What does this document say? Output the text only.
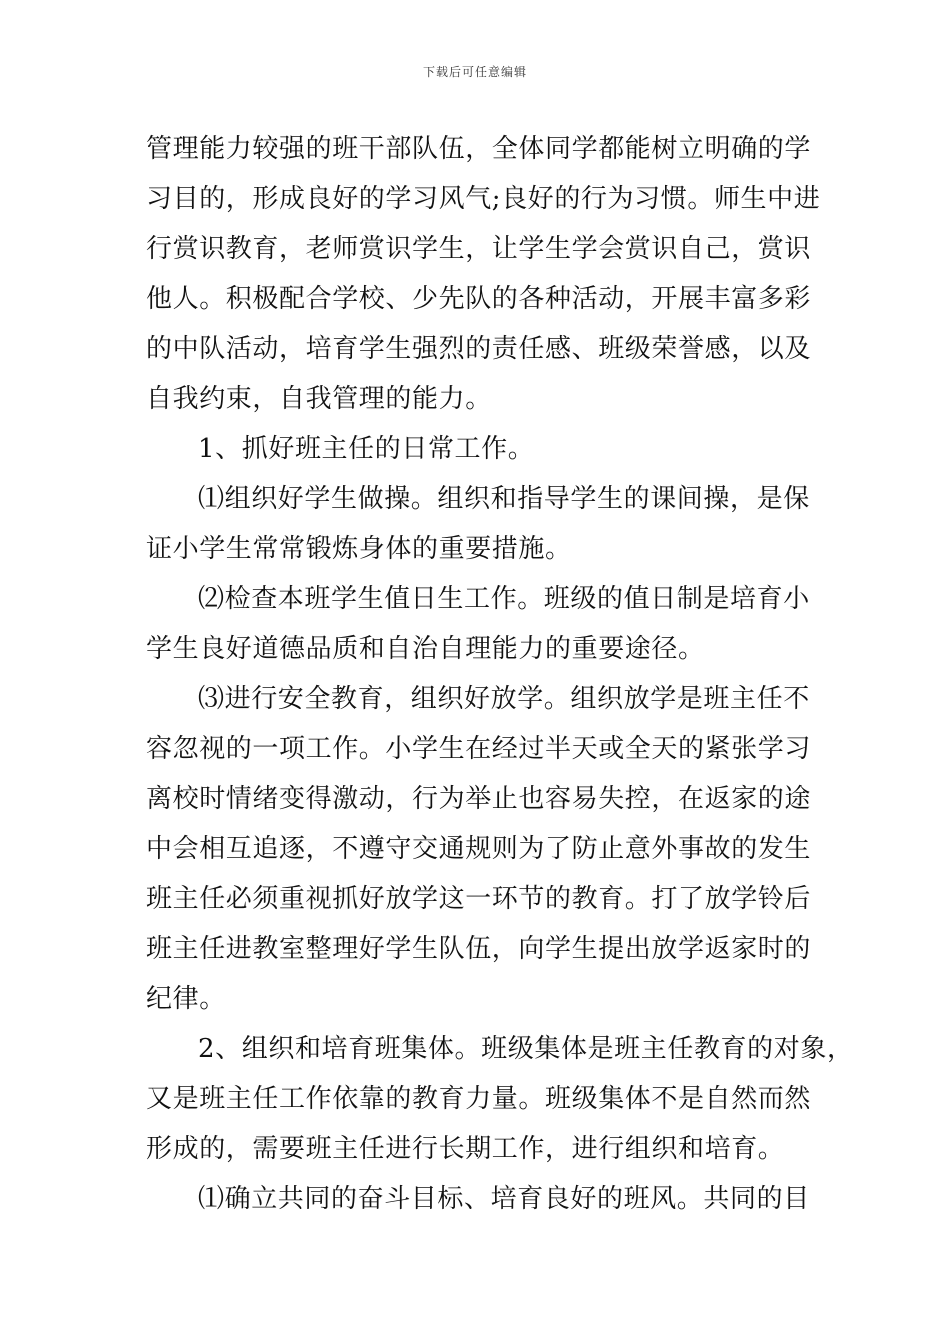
下载后可任意编辑
管理能力较强的班干部队伍，全体同学都能树立明确的学
习目的，形成良好的学习风气;良好的行为习惯。师生中进
行赏识教育，老师赏识学生，让学生学会赏识自己，赏识
他人。积极配合学校、少先队的各种活动，开展丰富多彩
的中队活动，培育学生强烈的责任感、班级荣誉感，以及
自我约束，自我管理的能力。
1、抓好班主任的日常工作。
⑴组织好学生做操。组织和指导学生的课间操，是保
证小学生常常锻炼身体的重要措施。
⑵检查本班学生值日生工作。班级的值日制是培育小
学生良好道德品质和自治自理能力的重要途径。
⑶进行安全教育，组织好放学。组织放学是班主任不
容忽视的一项工作。小学生在经过半天或全天的紧张学习
离校时情绪变得激动，行为举止也容易失控，在返家的途
中会相互追逐，不遵守交通规则为了防止意外事故的发生
班主任必须重视抓好放学这一环节的教育。打了放学铃后
班主任进教室整理好学生队伍，向学生提出放学返家时的
纪律。
2、组织和培育班集体。班级集体是班主任教育的对象，
又是班主任工作依靠的教育力量。班级集体不是自然而然
形成的，需要班主任进行长期工作，进行组织和培育。
⑴确立共同的奋斗目标、培育良好的班风。共同的目
